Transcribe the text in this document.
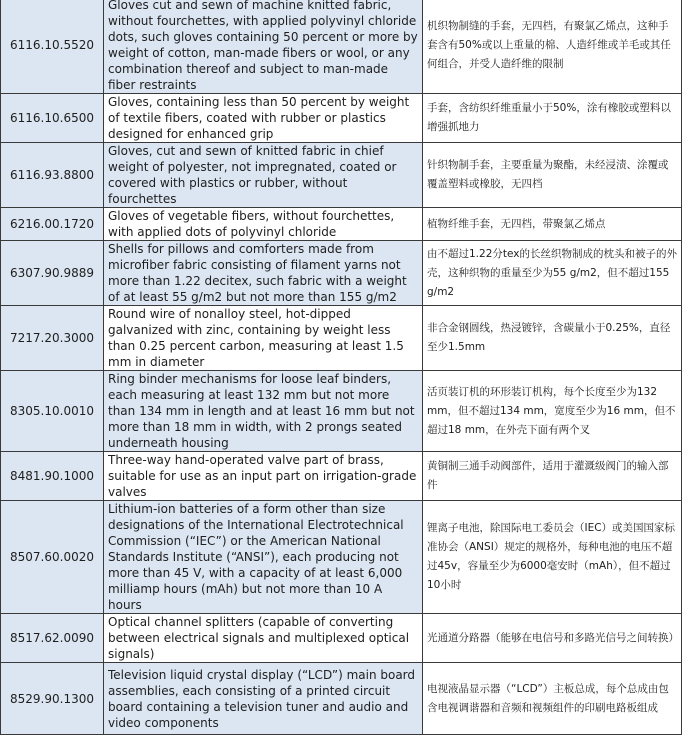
6116.10.5520	Gloves cut and sewn of machine knitted fabric, without fourchettes, with applied polyvinyl chloride dots, such gloves containing 50 percent or more by weight of cotton, man-made fibers or wool, or any combination thereof and subject to man-made fiber restraints	机织物制缝的手套，无四档，有聚氯乙烯点，这种手套含有50%或以上重量的棉、人造纤维或羊毛或其任何组合，并受人造纤维的限制
6116.10.6500	Gloves, containing less than 50 percent by weight of textile fibers, coated with rubber or plastics designed for enhanced grip	手套，含纺织纤维重量小于50%，涂有橡胶或塑料以增强抓地力
6116.93.8800	Gloves, cut and sewn of knitted fabric in chief weight of polyester, not impregnated, coated or covered with plastics or rubber, without fourchettes	针织物制手套，主要重量为聚酯，未经浸渍、涂覆或覆盖塑料或橡胶，无四档
6216.00.1720	Gloves of vegetable fibers, without fourchettes, with applied dots of polyvinyl chloride	植物纤维手套，无四档，带聚氯乙烯点
6307.90.9889	Shells for pillows and comforters made from microfiber fabric consisting of filament yarns not more than 1.22 decitex, such fabric with a weight of at least 55 g/m2 but not more than 155 g/m2	由不超过1.22分tex的长丝织物制成的枕头和被子的外壳，这种织物的重量至少为55 g/m2，但不超过155 g/m2
7217.20.3000	Round wire of nonalloy steel, hot-dipped galvanized with zinc, containing by weight less than 0.25 percent carbon, measuring at least 1.5 mm in diameter	非合金钢圆线，热浸镀锌，含碳量小于0.25%，直径至少1.5mm
8305.10.0010	Ring binder mechanisms for loose leaf binders, each measuring at least 132 mm but not more than 134 mm in length and at least 16 mm but not more than 18 mm in width, with 2 prongs seated underneath housing	活页装订机的环形装订机构，每个长度至少为132 mm，但不超过134 mm，宽度至少为16 mm，但不超过18 mm，在外壳下面有两个叉
8481.90.1000	Three-way hand-operated valve part of brass, suitable for use as an input part on irrigation-grade valves	黄铜制三通手动阀部件，适用于灌溉级阀门的输入部件
8507.60.0020	Lithium-ion batteries of a form other than size designations of the International Electrotechnical Commission (“IEC”) or the American National Standards Institute (“ANSI”), each producing not more than 45 V, with a capacity of at least 6,000 milliamp hours (mAh) but not more than 10 A hours	锂离子电池，除国际电工委员会（IEC）或美国国家标准协会（ANSI）规定的规格外，每种电池的电压不超过45v，容量至少为6000毫安时（mAh），但不超过10小时
8517.62.0090	Optical channel splitters (capable of converting between electrical signals and multiplexed optical signals)	光通道分路器（能够在电信号和多路光信号之间转换）
8529.90.1300	Television liquid crystal display (“LCD”) main board assemblies, each consisting of a printed circuit board containing a television tuner and audio and video components	电视液晶显示器（“LCD”）主板总成，每个总成由包含电视调谐器和音频和视频组件的印刷电路板组成
